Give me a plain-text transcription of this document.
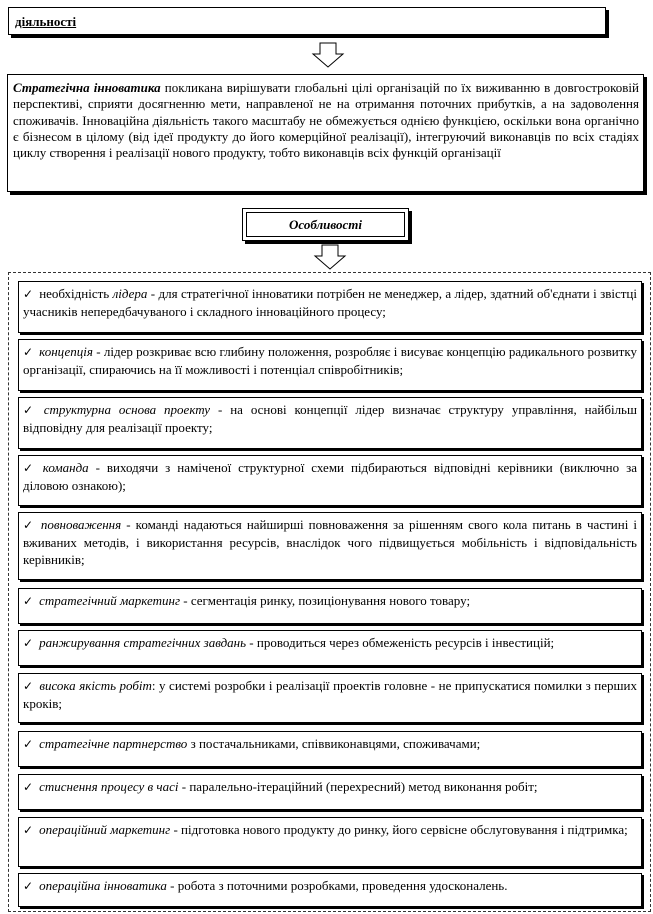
діяльності
Стратегічна інноватика покликана вирішувати глобальні цілі організацій по їх виживанню в довгостроковій перспективі, сприяти досягненню мети, направленої не на отримання поточних прибутків, а на задоволення споживачів. Інноваційна діяльність такого масштабу не обмежується однією функцією, оскільки вона органічно є бізнесом в цілому (від ідеї продукту до його комерційної реалізації), інтегруючий виконавців по всіх стадіях циклу створення і реалізації нового продукту, тобто виконавців всіх функцій організації
Особливості
✓ необхідність лідера - для стратегічної інноватики потрібен не менеджер, а лідер, здатний об'єднати і звістці учасників непередбачуваного і складного інноваційного процесу;
✓ концепція - лідер розкриває всю глибину положення, розробляє і висуває концепцію радикального розвитку організації, спираючись на її можливості і потенціал співробітників;
✓ структурна основа проекту - на основі концепції лідер визначає структуру управління, найбільш відповідну для реалізації проекту;
✓ команда - виходячи з наміченої структурної схеми підбираються відповідні керівники (виключно за діловою ознакою);
✓ повноваження - команді надаються найширші повноваження за рішенням свого кола питань в частині і вживаних методів, і використання ресурсів, внаслідок чого підвищується мобільність і відповідальність керівників;
✓ стратегічний маркетинг - сегментація ринку, позиціонування нового товару;
✓ ранжирування стратегічних завдань - проводиться через обмеженість ресурсів і інвестицій;
✓ висока якість робіт: у системі розробки і реалізації проектів головне - не припускатися помилки з перших кроків;
✓ стратегічне партнерство з постачальниками, співвиконавцями, споживачами;
✓ стиснення процесу в часі - паралельно-ітераційний (перехресний) метод виконання робіт;
✓ операційний маркетинг - підготовка нового продукту до ринку, його сервісне обслуговування і підтримка;
✓ операційна інноватика - робота з поточними розробками, проведення удосконалень.
